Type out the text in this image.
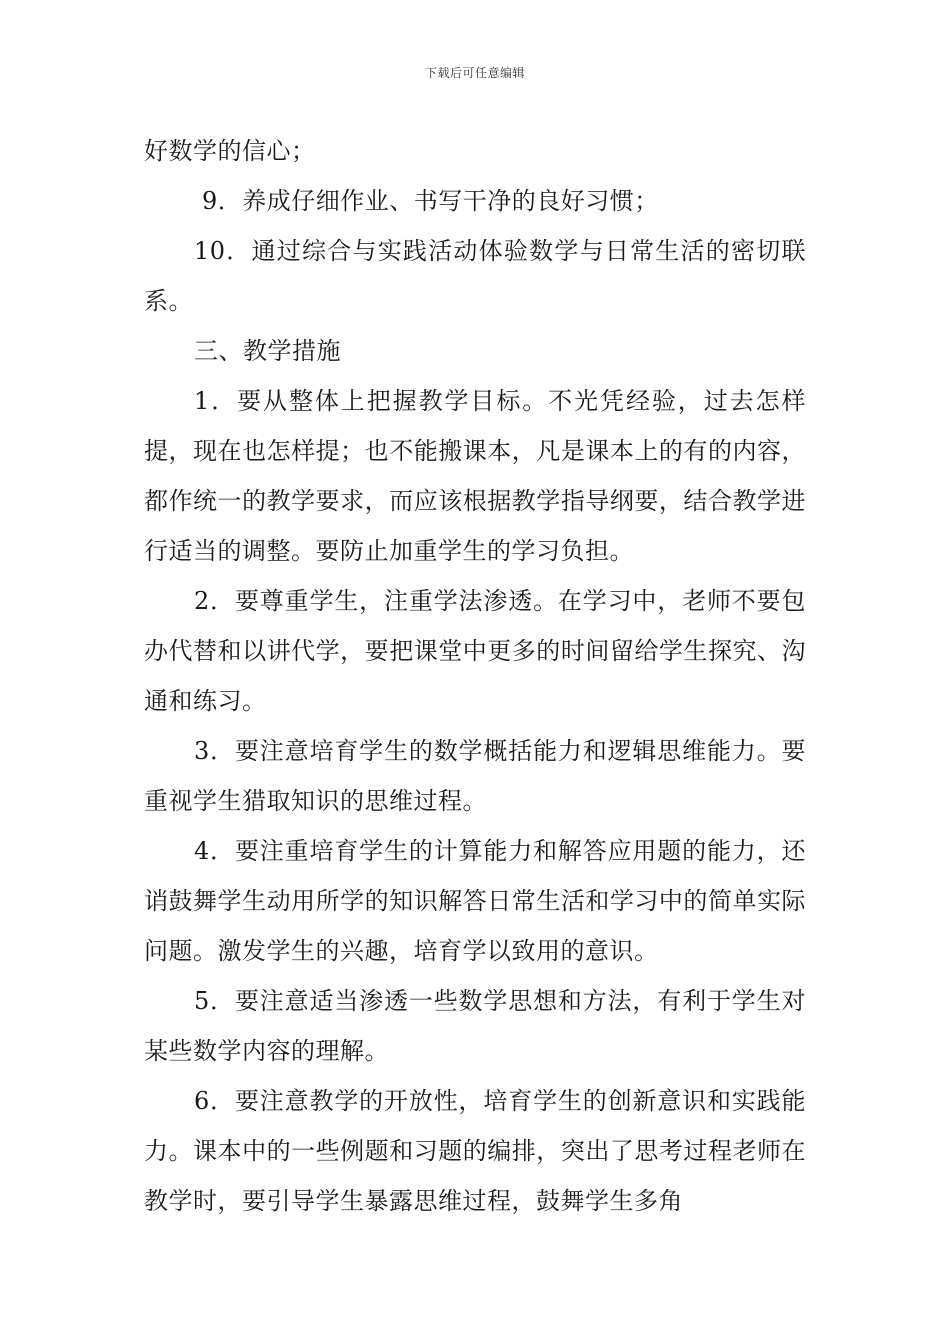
下载后可任意编辑

好数学的信心；

9．养成仔细作业、书写干净的良好习惯；

10．通过综合与实践活动体验数学与日常生活的密切联系。

三、教学措施

1．要从整体上把握教学目标。不光凭经验，过去怎样提，现在也怎样提；也不能搬课本，凡是课本上的有的内容，都作统一的教学要求，而应该根据教学指导纲要，结合教学进行适当的调整。要防止加重学生的学习负担。

2．要尊重学生，注重学法渗透。在学习中，老师不要包办代替和以讲代学，要把课堂中更多的时间留给学生探究、沟通和练习。

3．要注意培育学生的数学概括能力和逻辑思维能力。要重视学生猎取知识的思维过程。

4．要注重培育学生的计算能力和解答应用题的能力，还诮鼓舞学生动用所学的知识解答日常生活和学习中的简单实际问题。激发学生的兴趣，培育学以致用的意识。

5．要注意适当渗透一些数学思想和方法，有利于学生对某些数学内容的理解。

6．要注意教学的开放性，培育学生的创新意识和实践能力。课本中的一些例题和习题的编排，突出了思考过程老师在教学时，要引导学生暴露思维过程，鼓舞学生多角
